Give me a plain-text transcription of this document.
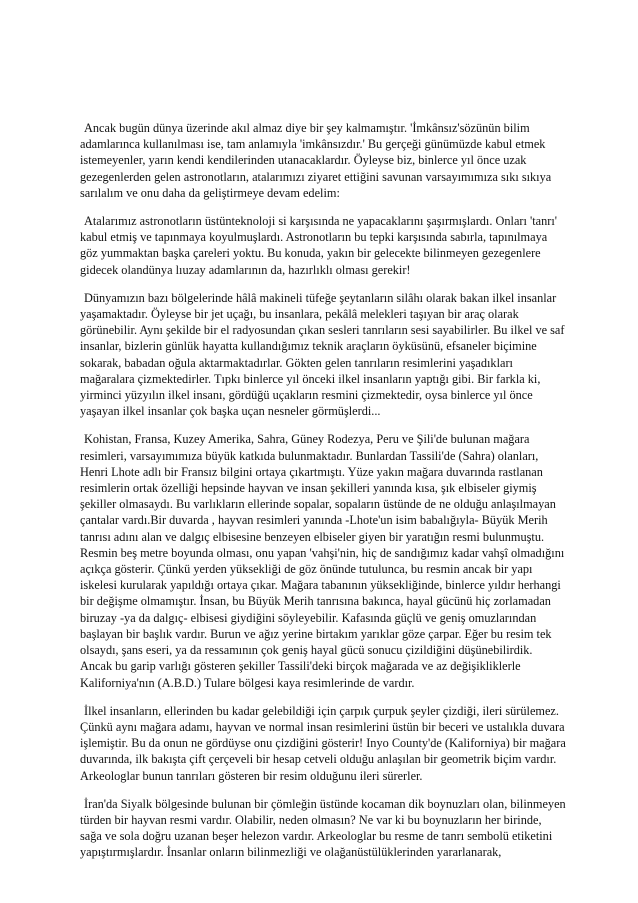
Ancak bugün dünya üzerinde akıl almaz diye bir şey kalmamıştır. 'İmkânsız'sözünün bilim adamlarınca kullanılması ise, tam anlamıyla 'imkânsızdır.' Bu gerçeği günümüzde kabul etmek istemeyenler, yarın kendi kendilerinden utanacaklardır. Öyleyse biz, binlerce yıl önce uzak gezegenlerden gelen astronotların, atalarımızı ziyaret ettiğini savunan varsayımımıza sıkı sıkıya sarılalım ve onu daha da geliştirmeye devam edelim:

Atalarımız astronotların üstünteknoloji si karşısında ne yapacaklarını şaşırmışlardı. Onları 'tanrı' kabul etmiş ve tapınmaya koyulmuşlardı. Astronotların bu tepki karşısında sabırla, tapınılmaya göz yummaktan başka çareleri yoktu. Bu konuda, yakın bir gelecekte bilinmeyen gezegenlere gidecek olandünya lıuzay adamlarının da, hazırlıklı olması gerekir!

Dünyamızın bazı bölgelerinde hâlâ makineli tüfeğe şeytanların silâhı olarak bakan ilkel insanlar yaşamaktadır. Öyleyse bir jet uçağı, bu insanlara, pekâlâ melekleri taşıyan bir araç olarak görünebilir. Aynı şekilde bir el radyosundan çıkan sesleri tanrıların sesi sayabilirler. Bu ilkel ve saf insanlar, bizlerin günlük hayatta kullandığımız teknik araçların öyküsünü, efsaneler biçimine sokarak, babadan oğula aktarmaktadırlar. Gökten gelen tanrıların resimlerini yaşadıkları mağaralara çizmektedirler. Tıpkı binlerce yıl önceki ilkel insanların yaptığı gibi. Bir farkla ki, yirminci yüzyılın ilkel insanı, gördüğü uçakların resmini çizmektedir, oysa binlerce yıl önce yaşayan ilkel insanlar çok başka uçan nesneler görmüşlerdi...

Kohistan, Fransa, Kuzey Amerika, Sahra, Güney Rodezya, Peru ve Şili'de bulunan mağara resimleri, varsayımımıza büyük katkıda bulunmaktadır. Bunlardan Tassili'de (Sahra) olanları, Henri Lhote adlı bir Fransız bilgini ortaya çıkartmıştı. Yüze yakın mağara duvarında rastlanan resimlerin ortak özelliği hepsinde hayvan ve insan şekilleri yanında kısa, şık elbiseler giymiş şekiller olmasaydı. Bu varlıkların ellerinde sopalar, sopaların üstünde de ne olduğu anlaşılmayan çantalar vardı.Bir duvarda , hayvan resimleri yanında -Lhote'un isim babalığıyla- Büyük Merih tanrısı adını alan ve dalgıç elbisesine benzeyen elbiseler giyen bir yaratığın resmi bulunmuştu. Resmin beş metre boyunda olması, onu yapan 'vahşi'nin, hiç de sandığımız kadar vahşî olmadığını açıkça gösterir. Çünkü yerden yüksekliği de göz önünde tutulunca, bu resmin ancak bir yapı iskelesi kurularak yapıldığı ortaya çıkar. Mağara tabanının yüksekliğinde, binlerce yıldır herhangi bir değişme olmamıştır. İnsan, bu Büyük Merih tanrısına bakınca, hayal gücünü hiç zorlamadan biruzay -ya da dalgıç- elbisesi giydiğini söyleyebilir. Kafasında güçlü ve geniş omuzlarından başlayan bir başlık vardır. Burun ve ağız yerine birtakım yarıklar göze çarpar. Eğer bu resim tek olsaydı, şans eseri, ya da ressamının çok geniş hayal gücü sonucu çizildiğini düşünebilirdik. Ancak bu garip varlığı gösteren şekiller Tassili'deki birçok mağarada ve az değişikliklerle Kaliforniya'nın (A.B.D.) Tulare bölgesi kaya resimlerinde de vardır.

İlkel insanların, ellerinden bu kadar gelebildiği için çarpık çurpuk şeyler çizdiği, ileri sürülemez. Çünkü aynı mağara adamı, hayvan ve normal insan resimlerini üstün bir beceri ve ustalıkla duvara işlemiştir. Bu da onun ne gördüyse onu çizdiğini gösterir! Inyo County'de (Kaliforniya) bir mağara duvarında, ilk bakışta çift çerçeveli bir hesap cetveli olduğu anlaşılan bir geometrik biçim vardır. Arkeologlar bunun tanrıları gösteren bir resim olduğunu ileri sürerler.

İran'da Siyalk bölgesinde bulunan bir çömleğin üstünde kocaman dik boynuzları olan, bilinmeyen türden bir hayvan resmi vardır. Olabilir, neden olmasın? Ne var ki bu boynuzların her birinde, sağa ve sola doğru uzanan beşer helezon vardır. Arkeologlar bu resme de tanrı sembolü etiketini yapıştırmışlardır. İnsanlar onların bilinmezliği ve olağanüstülüklerinden yararlanarak,
